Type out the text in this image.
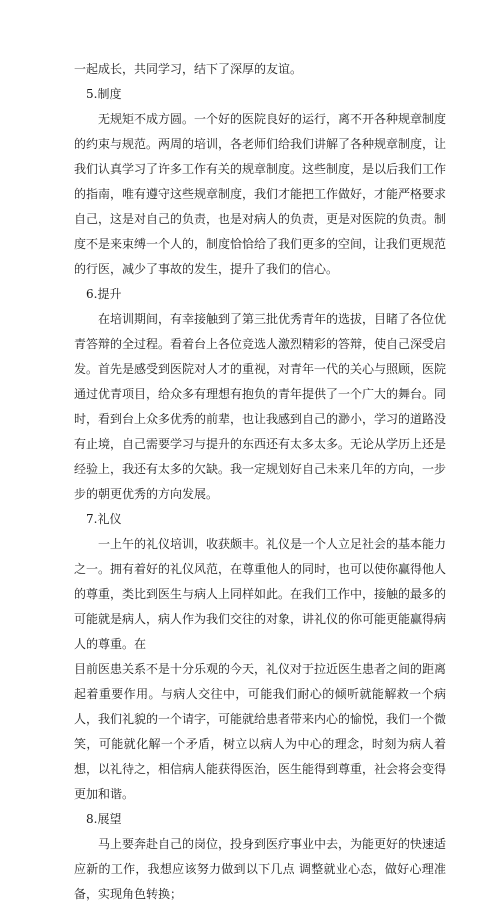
一起成长，共同学习，结下了深厚的友谊。

5.制度

无规矩不成方圆。一个好的医院良好的运行，离不开各种规章制度的约束与规范。两周的培训，各老师们给我们讲解了各种规章制度，让我们认真学习了许多工作有关的规章制度。这些制度，是以后我们工作的指南，唯有遵守这些规章制度，我们才能把工作做好，才能严格要求自己，这是对自己的负责，也是对病人的负责，更是对医院的负责。制度不是来束缚一个人的，制度恰恰给了我们更多的空间，让我们更规范的行医，减少了事故的发生，提升了我们的信心。

6.提升

在培训期间，有幸接触到了第三批优秀青年的选拔，目睹了各位优青答辩的全过程。看着台上各位竞选人激烈精彩的答辩，使自己深受启发。首先是感受到医院对人才的重视，对青年一代的关心与照顾，医院通过优青项目，给众多有理想有抱负的青年提供了一个广大的舞台。同时，看到台上众多优秀的前辈，也让我感到自己的渺小，学习的道路没有止境，自己需要学习与提升的东西还有太多太多。无论从学历上还是经验上，我还有太多的欠缺。我一定规划好自己未来几年的方向，一步步的朝更优秀的方向发展。

7.礼仪

一上午的礼仪培训，收获颇丰。礼仪是一个人立足社会的基本能力之一。拥有着好的礼仪风范，在尊重他人的同时，也可以使你赢得他人的尊重，类比到医生与病人上同样如此。在我们工作中，接触的最多的可能就是病人，病人作为我们交往的对象，讲礼仪的你可能更能赢得病人的尊重。在

目前医患关系不是十分乐观的今天，礼仪对于拉近医生患者之间的距离起着重要作用。与病人交往中，可能我们耐心的倾听就能解救一个病人，我们礼貌的一个请字，可能就给患者带来内心的愉悦，我们一个微笑，可能就化解一个矛盾，树立以病人为中心的理念，时刻为病人着想，以礼待之，相信病人能获得医治，医生能得到尊重，社会将会变得更加和谐。

8.展望

马上要奔赴自己的岗位，投身到医疗事业中去，为能更好的快速适应新的工作，我想应该努力做到以下几点 调整就业心态，做好心理准备，实现角色转换；
